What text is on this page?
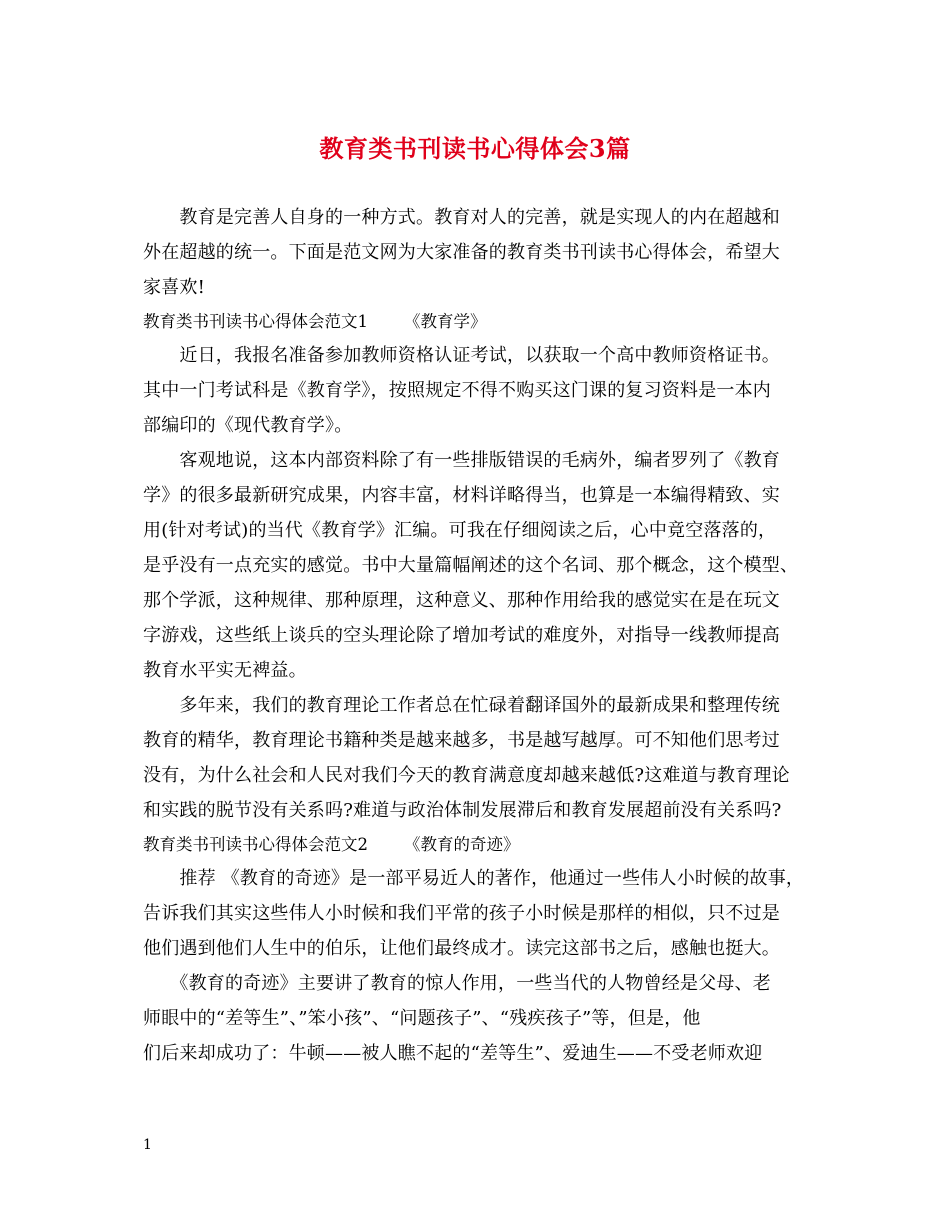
教育类书刊读书心得体会3篇
　　教育是完善人自身的一种方式。教育对人的完善，就是实现人的内在超越和
外在超越的统一。下面是范文网为大家准备的教育类书刊读书心得体会，希望大
家喜欢!
教育类书刊读书心得体会范文1 《教育学》
　　近日，我报名准备参加教师资格认证考试，以获取一个高中教师资格证书。
其中一门考试科是《教育学》，按照规定不得不购买这门课的复习资料是一本内
部编印的《现代教育学》。
　　客观地说，这本内部资料除了有一些排版错误的毛病外，编者罗列了《教育
学》的很多最新研究成果，内容丰富，材料详略得当，也算是一本编得精致、实
用(针对考试)的当代《教育学》汇编。可我在仔细阅读之后，心中竟空落落的，
是乎没有一点充实的感觉。书中大量篇幅阐述的这个名词、那个概念，这个模型、
那个学派，这种规律、那种原理，这种意义、那种作用给我的感觉实在是在玩文
字游戏，这些纸上谈兵的空头理论除了增加考试的难度外，对指导一线教师提高
教育水平实无裨益。
　　多年来，我们的教育理论工作者总在忙碌着翻译国外的最新成果和整理传统
教育的精华，教育理论书籍种类是越来越多，书是越写越厚。可不知他们思考过
没有，为什么社会和人民对我们今天的教育满意度却越来越低?这难道与教育理论
和实践的脱节没有关系吗?难道与政治体制发展滞后和教育发展超前没有关系吗?
教育类书刊读书心得体会范文2 《教育的奇迹》
　　推荐 《教育的奇迹》是一部平易近人的著作，他通过一些伟人小时候的故事，
告诉我们其实这些伟人小时候和我们平常的孩子小时候是那样的相似，只不过是
他们遇到他们人生中的伯乐，让他们最终成才。读完这部书之后，感触也挺大。
　　《教育的奇迹》主要讲了教育的惊人作用，一些当代的人物曾经是父母、老
师眼中的“差等生”、”笨小孩”、“问题孩子”、“残疾孩子”等，但是，他
们后来却成功了：牛顿——被人瞧不起的“差等生”、爱迪生——不受老师欢迎
1
